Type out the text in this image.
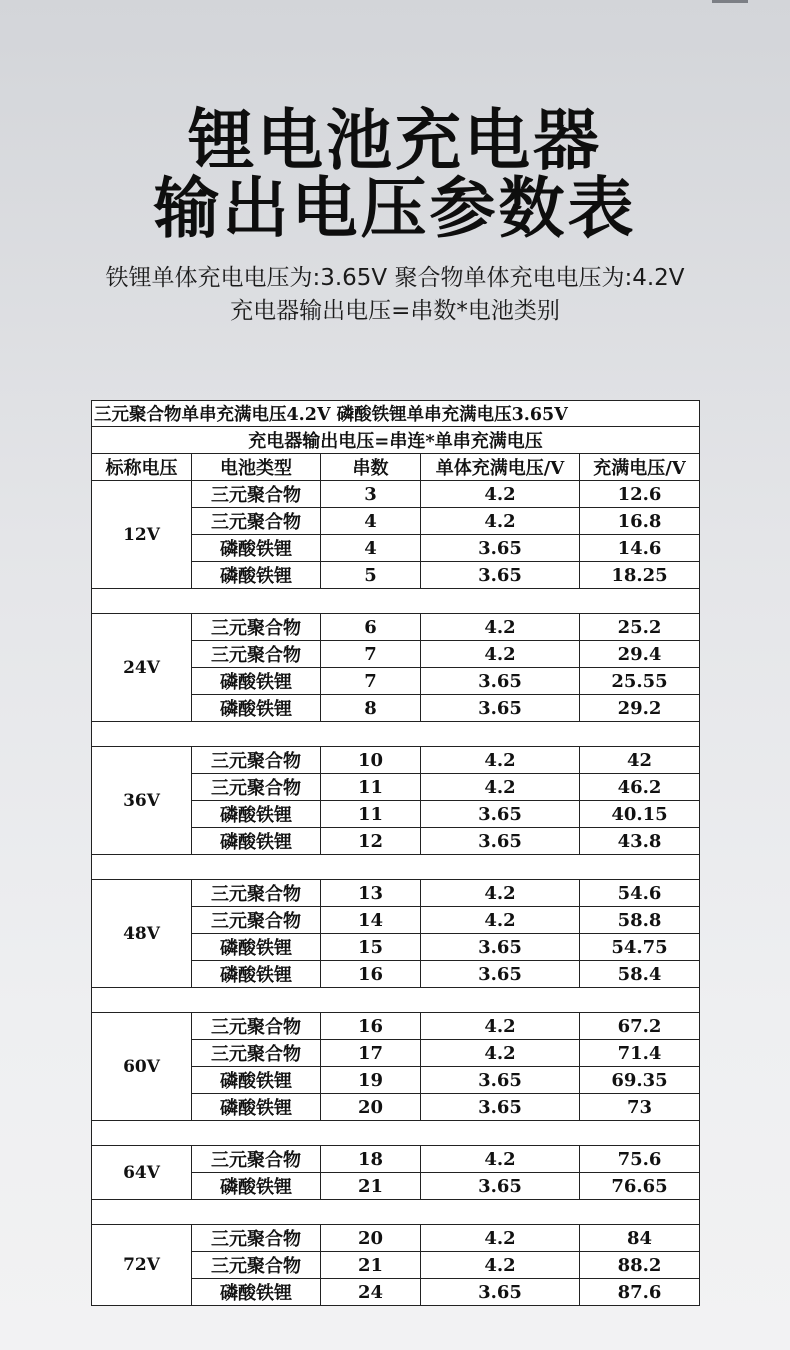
锂电池充电器
输出电压参数表
铁锂单体充电电压为:3.65V 聚合物单体充电电压为:4.2V
充电器输出电压=串数*电池类别
三元聚合物单串充满电压4.2V 磷酸铁锂单串充满电压3.65V				
充电器输出电压=串连*单串充满电压				
标称电压	电池类型	串数	单体充满电压/V	充满电压/V
12V	三元聚合物	3	4.2	12.6
	三元聚合物	4	4.2	16.8
	磷酸铁锂	4	3.65	14.6
	磷酸铁锂	5	3.65	18.25

24V	三元聚合物	6	4.2	25.2
	三元聚合物	7	4.2	29.4
	磷酸铁锂	7	3.65	25.55
	磷酸铁锂	8	3.65	29.2

36V	三元聚合物	10	4.2	42
	三元聚合物	11	4.2	46.2
	磷酸铁锂	11	3.65	40.15
	磷酸铁锂	12	3.65	43.8

48V	三元聚合物	13	4.2	54.6
	三元聚合物	14	4.2	58.8
	磷酸铁锂	15	3.65	54.75
	磷酸铁锂	16	3.65	58.4

60V	三元聚合物	16	4.2	67.2
	三元聚合物	17	4.2	71.4
	磷酸铁锂	19	3.65	69.35
	磷酸铁锂	20	3.65	73

64V	三元聚合物	18	4.2	75.6
	磷酸铁锂	21	3.65	76.65

72V	三元聚合物	20	4.2	84
	三元聚合物	21	4.2	88.2
	磷酸铁锂	24	3.65	87.6
